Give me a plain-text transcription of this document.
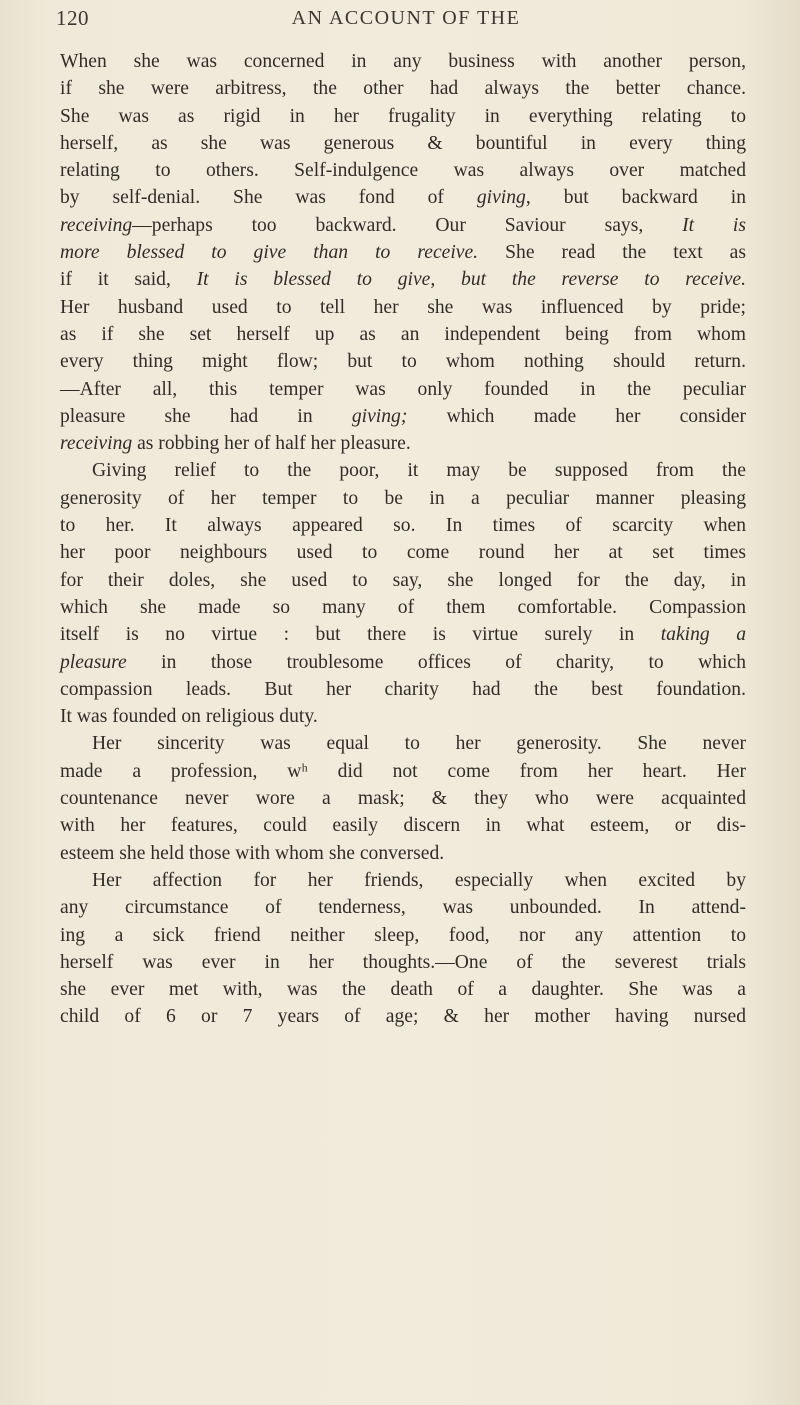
120	AN ACCOUNT OF THE
When she was concerned in any business with another person,
if she were arbitress, the other had always the better chance.
She was as rigid in her frugality in everything relating to
herself, as she was generous & bountiful in every thing
relating to others. Self-indulgence was always over matched
by self-denial. She was fond of giving, but backward in
receiving—perhaps too backward. Our Saviour says, It is
more blessed to give than to receive. She read the text as
if it said, It is blessed to give, but the reverse to receive.
Her husband used to tell her she was influenced by pride;
as if she set herself up as an independent being from whom
every thing might flow; but to whom nothing should return.
—After all, this temper was only founded in the peculiar
pleasure she had in giving; which made her consider
receiving as robbing her of half her pleasure.
Giving relief to the poor, it may be supposed from the
generosity of her temper to be in a peculiar manner pleasing
to her. It always appeared so. In times of scarcity when
her poor neighbours used to come round her at set times
for their doles, she used to say, she longed for the day, in
which she made so many of them comfortable. Compassion
itself is no virtue : but there is virtue surely in taking a
pleasure in those troublesome offices of charity, to which
compassion leads. But her charity had the best foundation.
It was founded on religious duty.
Her sincerity was equal to her generosity. She never
made a profession, wʰ did not come from her heart. Her
countenance never wore a mask; & they who were acquainted
with her features, could easily discern in what esteem, or dis-
esteem she held those with whom she conversed.
Her affection for her friends, especially when excited by
any circumstance of tenderness, was unbounded. In attend-
ing a sick friend neither sleep, food, nor any attention to
herself was ever in her thoughts.—One of the severest trials
she ever met with, was the death of a daughter. She was a
child of 6 or 7 years of age; & her mother having nursed
